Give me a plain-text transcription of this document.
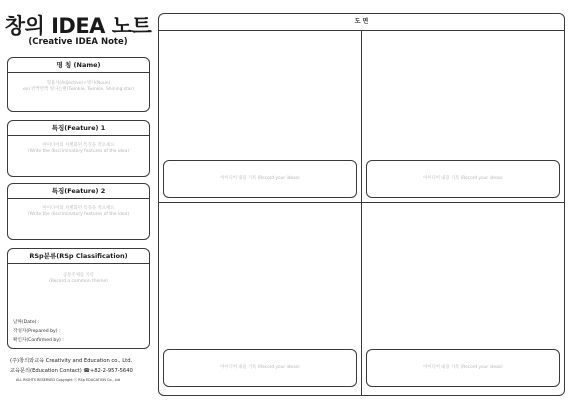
창의 IDEA 노트
(Creative IDEA Note)
명 칭 (Name)
형용사(Adjective)+명사(Noun)
ex) 반짝반짝 빛나는별(Twinkle, Twinkle, Shining star)
특징(Feature) 1
아이디어의 차별화된 특징을 적으세요
(Write the discriminatory features of the idea)
특징(Feature) 2
아이디어의 차별화된 특징을 적으세요
(Write the discriminatory features of the idea)
RSp분류(RSp Classification)
공통주제를 기록
(Record a common theme)
날짜(Date) :
작성자(Prepared by) :
확인자(Confirmed by) :
(주)창의와교육 Creativity and Education co., Ltd.
교육문의(Education Contact) ☎+82-2-957-5640
ALL RIGHTS RESERVED Copyright ⓒ RSp EDUCATION Co., Ltd
도 면
아이디어 내용 기록 (Record your ideas)	아이디어 내용 기록 (Record your ideas)
아이디어 내용 기록 (Record your ideas)	아이디어 내용 기록 (Record your ideas)
